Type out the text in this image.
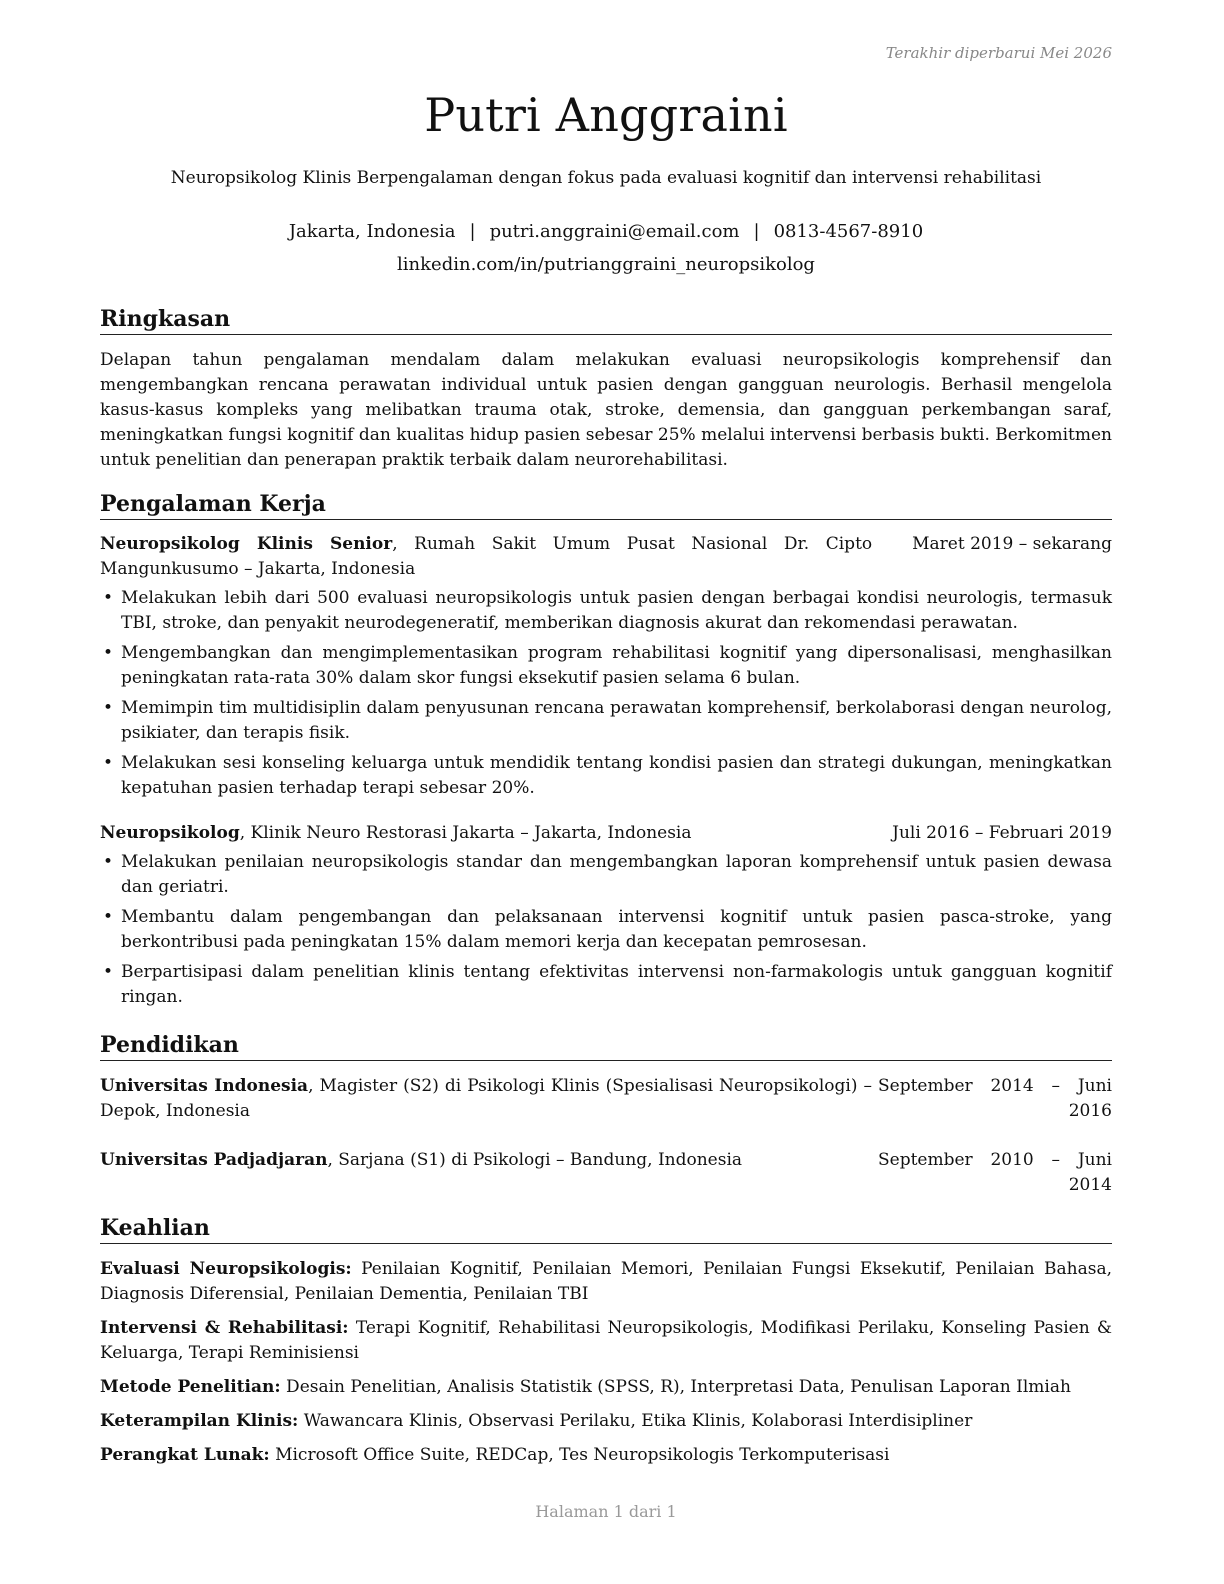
Terakhir diperbarui Mei 2026
Putri Anggraini
Neuropsikolog Klinis Berpengalaman dengan fokus pada evaluasi kognitif dan intervensi rehabilitasi
Jakarta, Indonesia | putri.anggraini@email.com | 0813-4567-8910
linkedin.com/in/putrianggraini_neuropsikolog
Ringkasan
Delapan tahun pengalaman mendalam dalam melakukan evaluasi neuropsikologis komprehensif dan mengembangkan rencana perawatan individual untuk pasien dengan gangguan neurologis. Berhasil mengelola kasus-kasus kompleks yang melibatkan trauma otak, stroke, demensia, dan gangguan perkembangan saraf, meningkatkan fungsi kognitif dan kualitas hidup pasien sebesar 25% melalui intervensi berbasis bukti. Berkomitmen untuk penelitian dan penerapan praktik terbaik dalam neurorehabilitasi.
Pengalaman Kerja
Neuropsikolog Klinis Senior, Rumah Sakit Umum Pusat Nasional Dr. Cipto Mangunkusumo – Jakarta, Indonesia
Maret 2019 – sekarang
• Melakukan lebih dari 500 evaluasi neuropsikologis untuk pasien dengan berbagai kondisi neurologis, termasuk TBI, stroke, dan penyakit neurodegeneratif, memberikan diagnosis akurat dan rekomendasi perawatan.
• Mengembangkan dan mengimplementasikan program rehabilitasi kognitif yang dipersonalisasi, menghasilkan peningkatan rata-rata 30% dalam skor fungsi eksekutif pasien selama 6 bulan.
• Memimpin tim multidisiplin dalam penyusunan rencana perawatan komprehensif, berkolaborasi dengan neurolog, psikiater, dan terapis fisik.
• Melakukan sesi konseling keluarga untuk mendidik tentang kondisi pasien dan strategi dukungan, meningkatkan kepatuhan pasien terhadap terapi sebesar 20%.
Neuropsikolog, Klinik Neuro Restorasi Jakarta – Jakarta, Indonesia	Juli 2016 – Februari 2019
• Melakukan penilaian neuropsikologis standar dan mengembangkan laporan komprehensif untuk pasien dewasa dan geriatri.
• Membantu dalam pengembangan dan pelaksanaan intervensi kognitif untuk pasien pasca-stroke, yang berkontribusi pada peningkatan 15% dalam memori kerja dan kecepatan pemrosesan.
• Berpartisipasi dalam penelitian klinis tentang efektivitas intervensi non-farmakologis untuk gangguan kognitif ringan.
Pendidikan
Universitas Indonesia, Magister (S2) di Psikologi Klinis (Spesialisasi Neuropsikologi) – Depok, Indonesia
September 2014 – Juni
2016
Universitas Padjadjaran, Sarjana (S1) di Psikologi – Bandung, Indonesia	September 2010 – Juni
2014
Keahlian
Evaluasi Neuropsikologis: Penilaian Kognitif, Penilaian Memori, Penilaian Fungsi Eksekutif, Penilaian Bahasa, Diagnosis Diferensial, Penilaian Dementia, Penilaian TBI
Intervensi & Rehabilitasi: Terapi Kognitif, Rehabilitasi Neuropsikologis, Modifikasi Perilaku, Konseling Pasien & Keluarga, Terapi Reminisiensi
Metode Penelitian: Desain Penelitian, Analisis Statistik (SPSS, R), Interpretasi Data, Penulisan Laporan Ilmiah
Keterampilan Klinis: Wawancara Klinis, Observasi Perilaku, Etika Klinis, Kolaborasi Interdisipliner
Perangkat Lunak: Microsoft Office Suite, REDCap, Tes Neuropsikologis Terkomputerisasi
Halaman 1 dari 1
